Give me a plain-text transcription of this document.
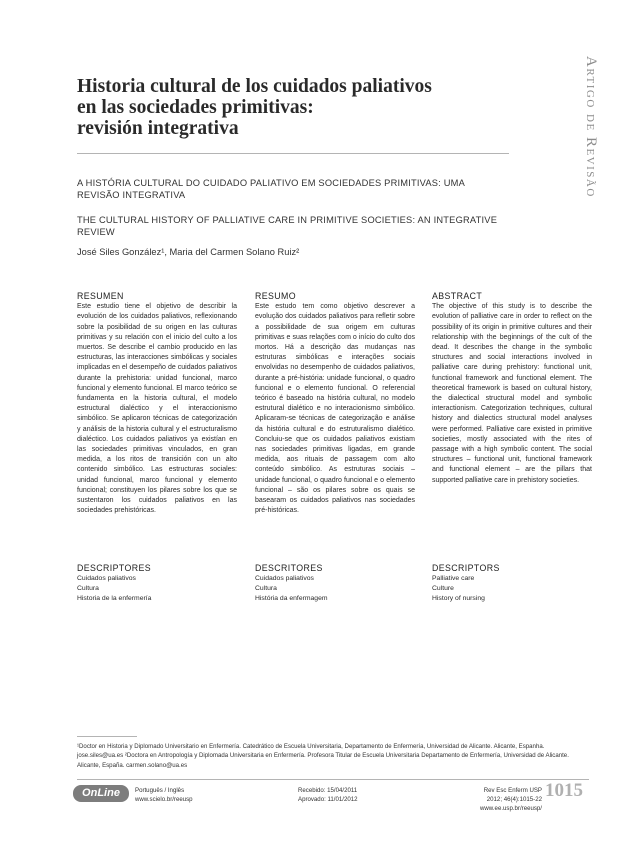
Historia cultural de los cuidados paliativos
en las sociedades primitivas:
revisión integrativa	Artigo de Revisão
A HISTÓRIA CULTURAL DO CUIDADO PALIATIVO EM SOCIEDADES PRIMITIVAS: UMA REVISÃO INTEGRATIVA
THE CULTURAL HISTORY OF PALLIATIVE CARE IN PRIMITIVE SOCIETIES: AN INTEGRATIVE REVIEW
José Siles González¹, Maria del Carmen Solano Ruiz²
RESUMEN
Este estudio tiene el objetivo de describir la evolución de los cuidados paliativos, reflexionando sobre la posibilidad de su origen en las culturas primitivas y su relación con el inicio del culto a los muertos. Se describe el cambio producido en las estructuras, las interacciones simbólicas y sociales implicadas en el desempeño de cuidados paliativos durante la prehistoria: unidad funcional, marco funcional y elemento funcional. El marco teórico se fundamenta en la historia cultural, el modelo estructural dialéctico y el interaccionismo simbólico. Se aplicaron técnicas de categorización y análisis de la historia cultural y el estructuralismo dialéctico. Los cuidados paliativos ya existían en las sociedades primitivas vinculados, en gran medida, a los ritos de transición con un alto contenido simbólico. Las estructuras sociales: unidad funcional, marco funcional y elemento funcional; constituyen los pilares sobre los que se sustentaron los cuidados paliativos en las sociedades prehistóricas.
RESUMO
Este estudo tem como objetivo descrever a evolução dos cuidados paliativos para refletir sobre a possibilidade de sua origem em culturas primitivas e suas relações com o início do culto dos mortos. Há a descrição das mudanças nas estruturas simbólicas e interações sociais envolvidas no desempenho de cuidados paliativos, durante a pré-história: unidade funcional, o quadro funcional e o elemento funcional. O referencial teórico é baseado na história cultural, no modelo estrutural dialético e no interacionismo simbólico. Aplicaram-se técnicas de categorização e análise da história cultural e do estruturalismo dialético. Concluiu-se que os cuidados paliativos existiam nas sociedades primitivas ligadas, em grande medida, aos rituais de passagem com alto conteúdo simbólico. As estruturas sociais – unidade funcional, o quadro funcional e o elemento funcional – são os pilares sobre os quais se basearam os cuidados paliativos nas sociedades pré-históricas.
ABSTRACT
The objective of this study is to describe the evolution of palliative care in order to reflect on the possibility of its origin in primitive cultures and their relationship with the beginnings of the cult of the dead. It describes the change in the symbolic structures and social interactions involved in palliative care during prehistory: functional unit, functional framework and functional element. The theoretical framework is based on cultural history, the dialectical structural model and symbolic interactionism. Categorization techniques, cultural history and dialectics structural model analyses were performed. Palliative care existed in primitive societies, mostly associated with the rites of passage with a high symbolic content. The social structures – functional unit, functional framework and functional element – are the pillars that supported palliative care in prehistory societies.
DESCRIPTORES
Cuidados paliativos
Cultura
Historia de la enfermería
DESCRITORES
Cuidados paliativos
Cultura
História da enfermagem
DESCRIPTORS
Palliative care
Culture
History of nursing
¹Doctor en Historia y Diplomado Universitario en Enfermería. Catedrático de Escuela Universitaria, Departamento de Enfermería, Universidad de Alicante. Alicante, Espanha. jose.siles@ua.es ²Doctora en Antropología y Diplomada Universitaria en Enfermería. Profesora Titular de Escuela Universitaria Departamento de Enfermería, Universidad de Alicante. Alicante, España. carmen.solano@ua.es
OnLine	Português / Inglês
www.scielo.br/reeusp
Recebido: 15/04/2011
Aprovado: 11/01/2012
Rev Esc Enferm USP
2012; 46(4):1015-22
www.ee.usp.br/reeusp/
1015
